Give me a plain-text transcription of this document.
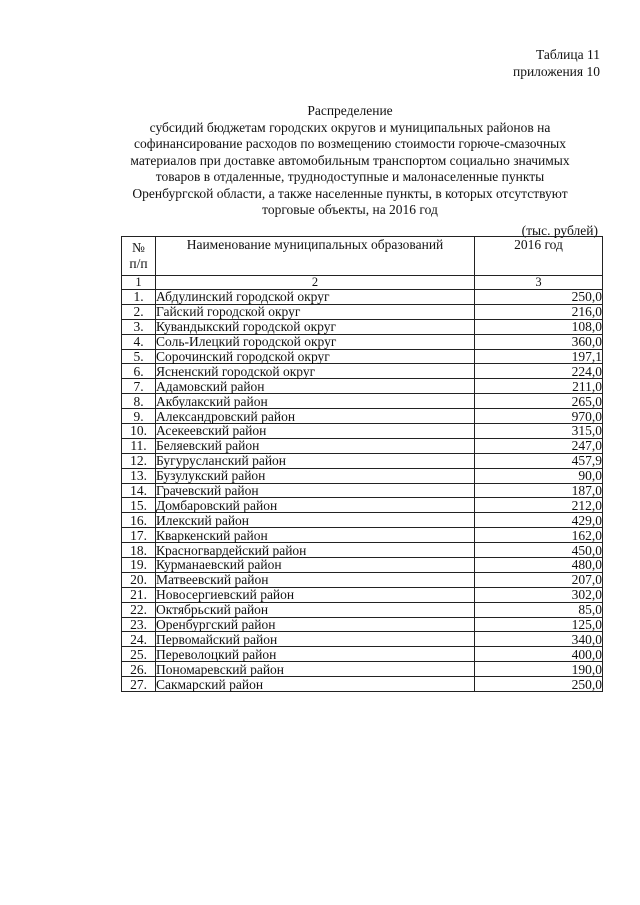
Таблица 11
приложения 10
Распределение
субсидий бюджетам городских округов и муниципальных районов на
софинансирование расходов по возмещению стоимости горюче-смазочных
материалов при доставке автомобильным транспортом социально значимых
товаров в отдаленные, труднодоступные и малонаселенные пункты
Оренбургской области, а также населенные пункты, в которых отсутствуют
торговые объекты, на 2016 год
(тыс. рублей)
№
п/п	Наименование муниципальных образований	2016 год
1	2	3
1.	Абдулинский городской округ	250,0
2.	Гайский городской округ	216,0
3.	Кувандыкский городской округ	108,0
4.	Соль-Илецкий городской округ	360,0
5.	Сорочинский городской округ	197,1
6.	Ясненский городской округ	224,0
7.	Адамовский район	211,0
8.	Акбулакский район	265,0
9.	Александровский район	970,0
10.	Асекеевский район	315,0
11.	Беляевский район	247,0
12.	Бугурусланский район	457,9
13.	Бузулукский район	90,0
14.	Грачевский район	187,0
15.	Домбаровский район	212,0
16.	Илекский район	429,0
17.	Кваркенский район	162,0
18.	Красногвардейский район	450,0
19.	Курманаевский район	480,0
20.	Матвеевский район	207,0
21.	Новосергиевский район	302,0
22.	Октябрьский район	85,0
23.	Оренбургский район	125,0
24.	Первомайский район	340,0
25.	Переволоцкий район	400,0
26.	Пономаревский район	190,0
27.	Сакмарский район	250,0
